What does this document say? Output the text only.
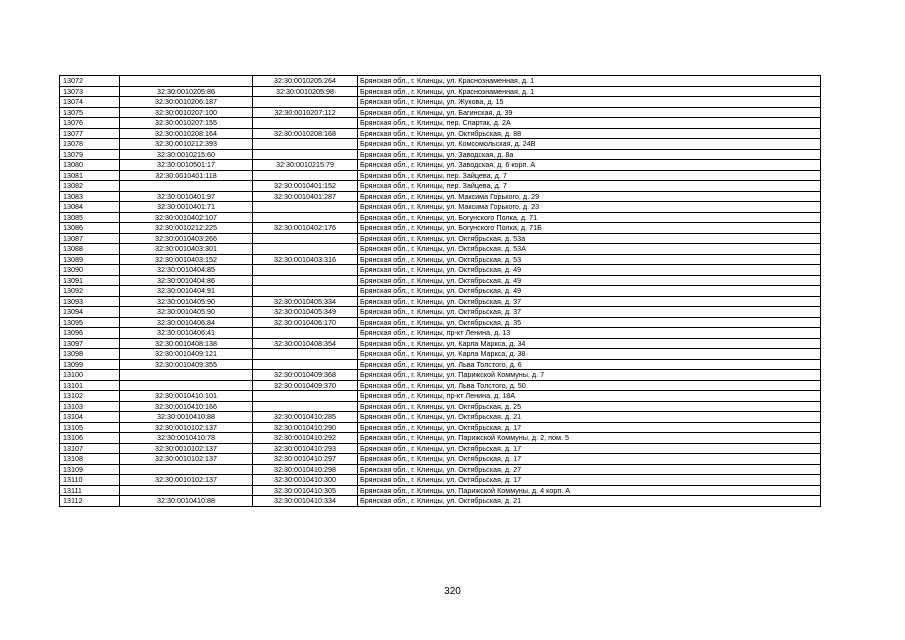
13072		32:30:0010205:264	Брянская обл., г. Клинцы, ул. Краснознаменная, д. 1
13073	32:30:0010205:86	32:30:0010205:98	Брянская обл., г. Клинцы, ул. Краснознаменная, д. 1
13074	32:30:0010206:187		Брянская обл., г. Клинцы, ул. Жукова, д. 15
13075	32:30:0010207:100	32:30:0010207:112	Брянская обл., г. Клинцы, ул. Багинская, д. 39
13076	32:30:0010207:155		Брянская обл., г. Клинцы, пер. Спартак, д. 2А
13077	32:30:0010208:164	32:30:0010208:168	Брянская обл., г. Клинцы, ул. Октябрьская, д. 88
13078	32:30:0010212:393		Брянская обл., г. Клинцы, ул. Комсомольская, д. 24В
13079	32:30:0010215:60		Брянская обл., г. Клинцы, ул. Заводская, д. 8а
13080	32:30:0010501:17	32:30:0010215:79	Брянская обл., г. Клинцы, ул. Заводская, д. 6 корп. А
13081	32:30:0010401:118		Брянская обл., г. Клинцы, пер. Зайцева, д. 7
13082		32:30:0010401:152	Брянская обл., г. Клинцы, пер. Зайцева, д. 7
13083	32:30:0010401:97	32:30:0010401:287	Брянская обл., г. Клинцы, ул. Максима Горького, д. 29
13084	32:30:0010401:71		Брянская обл., г. Клинцы, ул. Максима Горького, д. 23
13085	32:30:0010402:107		Брянская обл., г. Клинцы, ул. Богунского Полка, д. 71
13086	32:30:0010212:225	32:30:0010402:176	Брянская обл., г. Клинцы, ул. Богунского Полка, д. 71Б
13087	32:30:0010403:266		Брянская обл., г. Клинцы, ул. Октябрьская, д. 53а
13088	32:30:0010403:301		Брянская обл., г. Клинцы, ул. Октябрьская, д. 53А
13089	32:30:0010403:152	32:30:0010403:316	Брянская обл., г. Клинцы, ул. Октябрьская, д. 53
13090	32:30:0010404:85		Брянская обл., г. Клинцы, ул. Октябрьская, д. 49
13091	32:30:0010404:86		Брянская обл., г. Клинцы, ул. Октябрьская, д. 49
13092	32:30:0010404:91		Брянская обл., г. Клинцы, ул. Октябрьская, д. 49
13093	32:30:0010405:90	32:30:0010405:334	Брянская обл., г. Клинцы, ул. Октябрьская, д. 37
13094	32:30:0010405:90	32:30:0010405:349	Брянская обл., г. Клинцы, ул. Октябрьская, д. 37
13095	32:30:0010406:84	32:30:0010406:170	Брянская обл., г. Клинцы, ул. Октябрьская, д. 35
13096	32:30:0010406:41		Брянская обл., г. Клинцы, пр-кт Ленина, д. 13
13097	32:30:0010408:138	32:30:0010408:354	Брянская обл., г. Клинцы, ул. Карла Маркса, д. 34
13098	32:30:0010409:121		Брянская обл., г. Клинцы, ул. Карла Маркса, д. 38
13099	32:30:0010409:355		Брянская обл., г. Клинцы, ул. Льва Толстого, д. 6
13100		32:30:0010409:368	Брянская обл., г. Клинцы, ул. Парижской Коммуны, д. 7
13101		32:30:0010409:370	Брянская обл., г. Клинцы, ул. Льва Толстого, д. 50
13102	32:30:0010410:101		Брянская обл., г. Клинцы, пр-кт Ленина, д. 18А
13103	32:30:0010410:166		Брянская обл., г. Клинцы, ул. Октябрьская, д. 25
13104	32:30:0010410:88	32:30:0010410:285	Брянская обл., г. Клинцы, ул. Октябрьская, д. 21
13105	32:30:0010102:137	32:30:0010410:290	Брянская обл., г. Клинцы, ул. Октябрьская, д. 17
13106	32:30:0010410:78	32:30:0010410:292	Брянская обл., г. Клинцы, ул. Парижской Коммуны, д. 2, пом. 5
13107	32:30:0010102:137	32:30:0010410:293	Брянская обл., г. Клинцы, ул. Октябрьская, д. 17
13108	32:30:0010102:137	32:30:0010410:297	Брянская обл., г. Клинцы, ул. Октябрьская, д. 17
13109		32:30:0010410:298	Брянская обл., г. Клинцы, ул. Октябрьская, д. 27
13110	32:30:0010102:137	32:30:0010410:300	Брянская обл., г. Клинцы, ул. Октябрьская, д. 17
13111		32:30:0010410:305	Брянская обл., г. Клинцы, ул. Парижской Коммуны, д. 4 корп. А
13112	32:30:0010410:88	32:30:0010410:334	Брянская обл., г. Клинцы, ул. Октябрьская, д. 21
320
